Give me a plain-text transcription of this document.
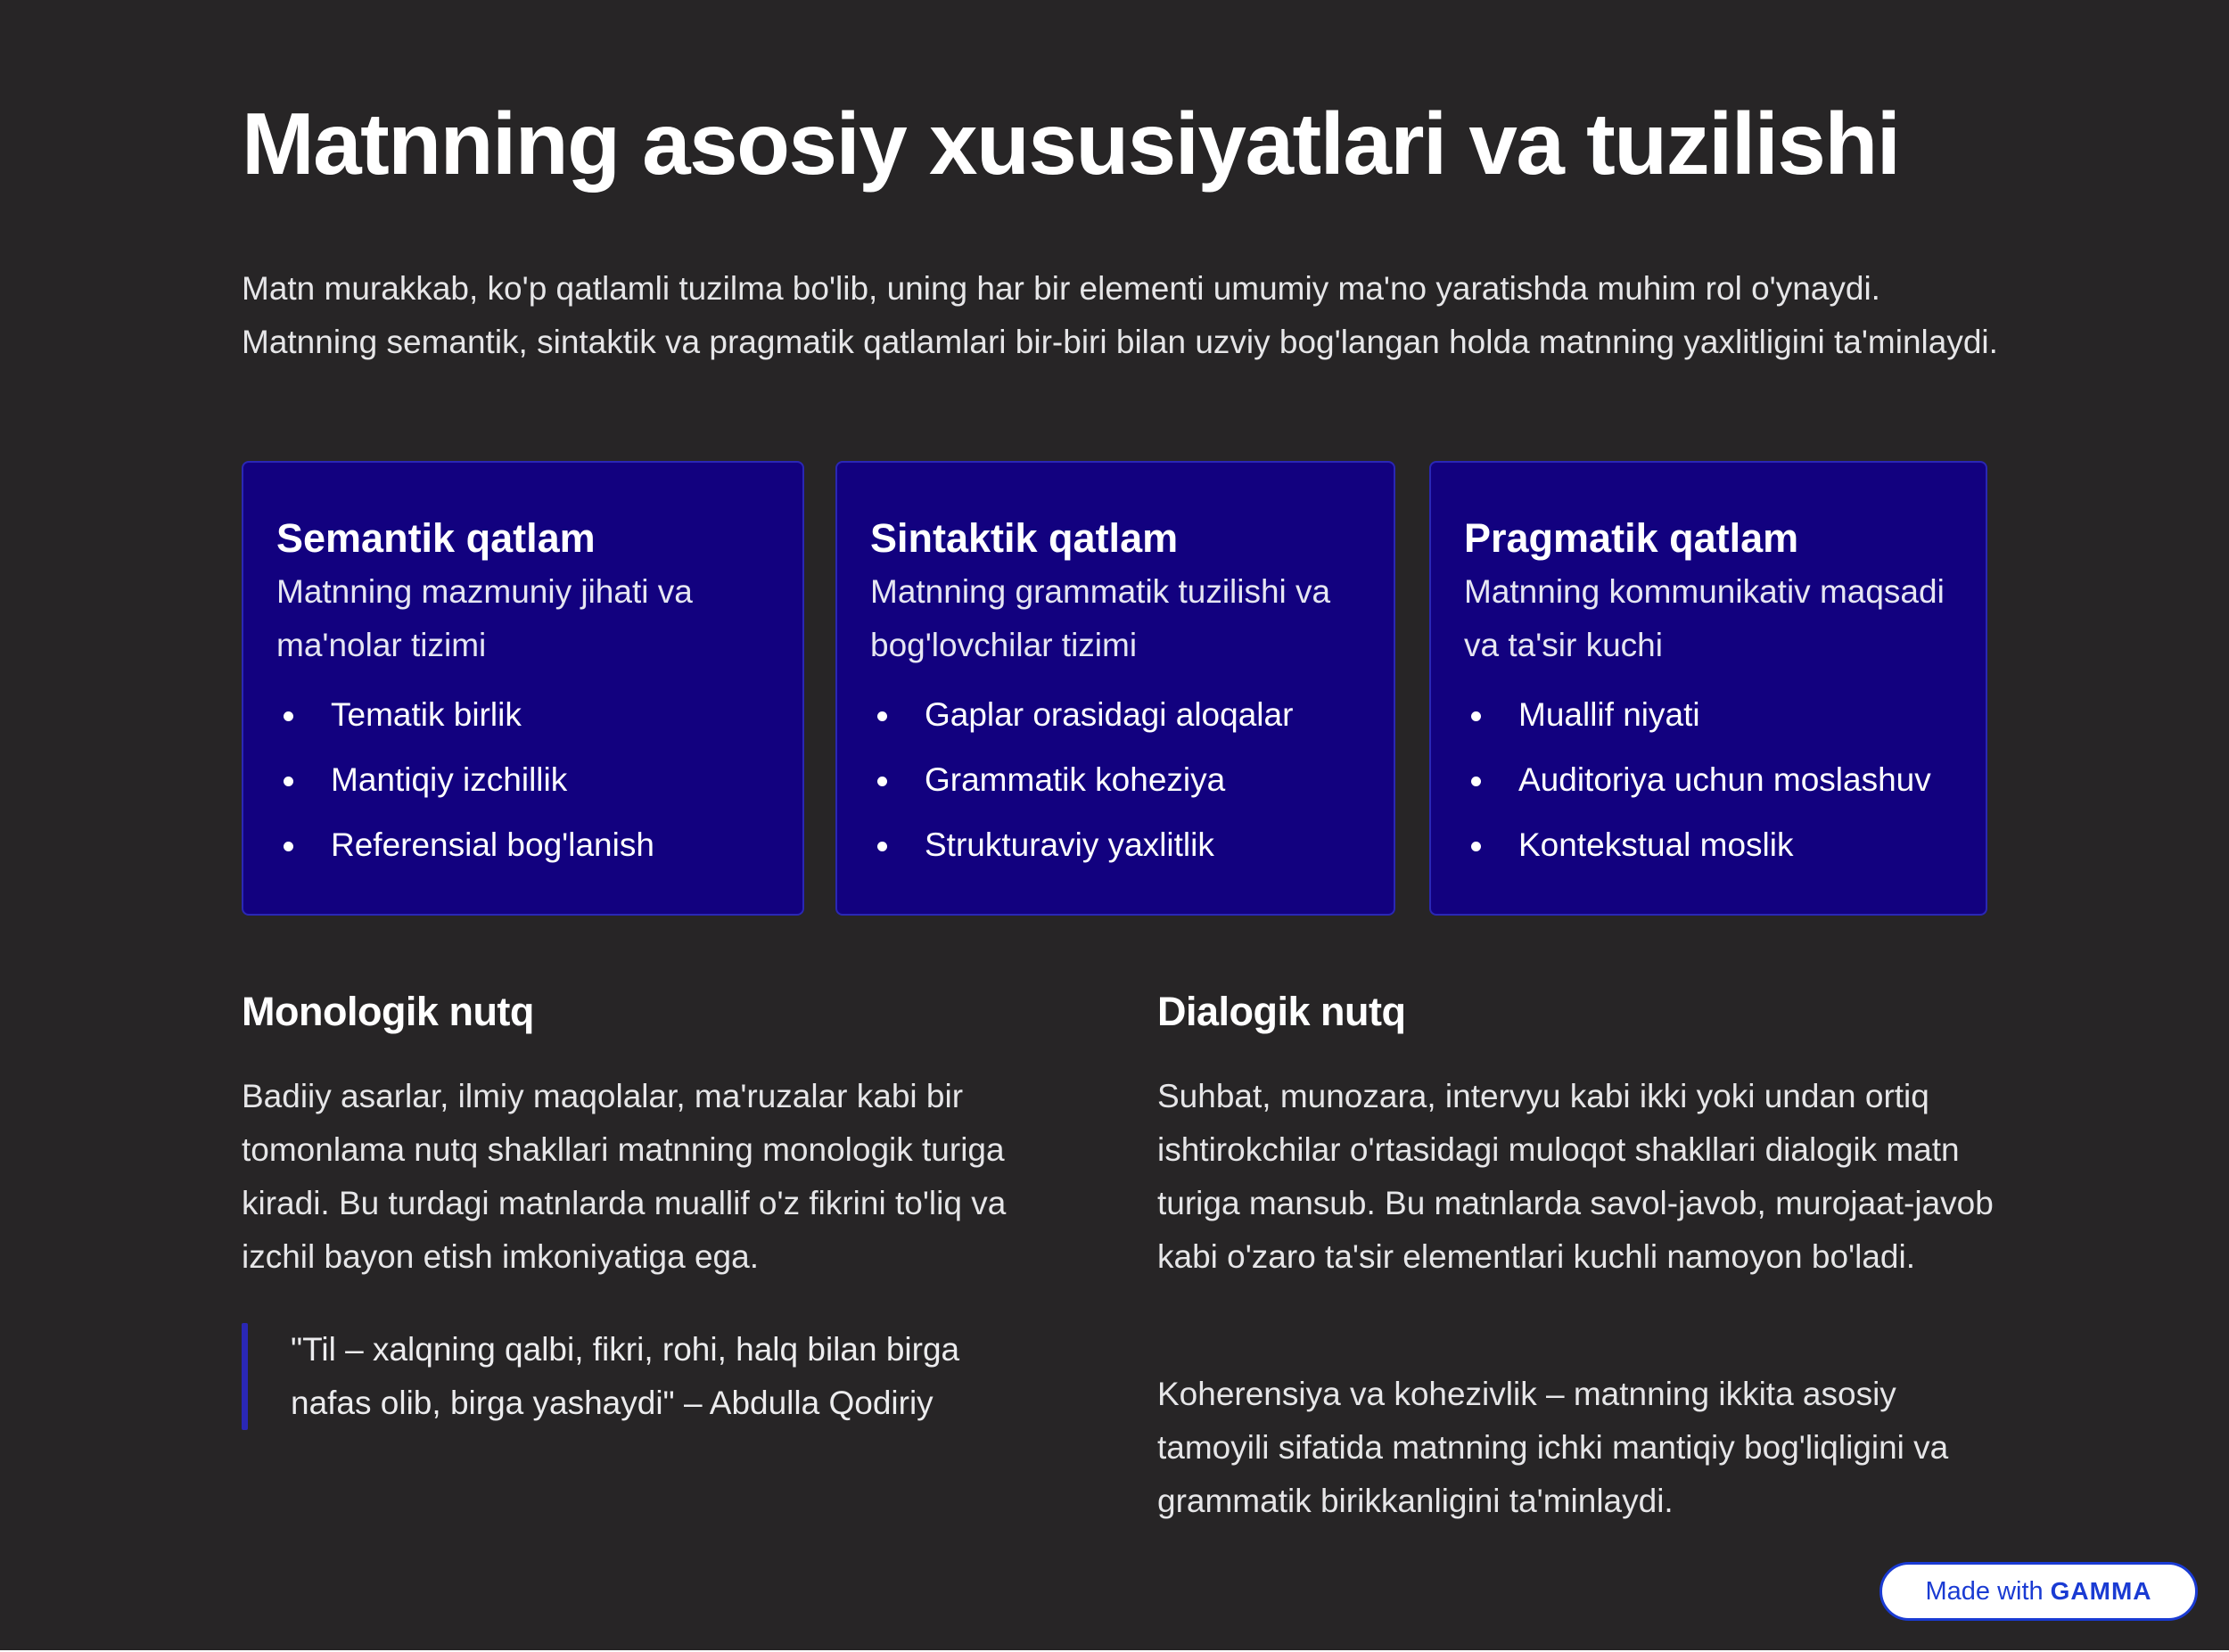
Matnning asosiy xususiyatlari va tuzilishi

Matn murakkab, ko'p qatlamli tuzilma bo'lib, uning har bir elementi umumiy ma'no yaratishda muhim rol o'ynaydi. Matnning semantik, sintaktik va pragmatik qatlamlari bir-biri bilan uzviy bog'langan holda matnning yaxlitligini ta'minlaydi.

Semantik qatlam

Matnning mazmuniy jihati va ma'nolar tizimi

Tematik birlik
Mantiqiy izchillik
Referensial bog'lanish
Sintaktik qatlam

Matnning grammatik tuzilishi va bog'lovchilar tizimi

Gaplar orasidagi aloqalar
Grammatik koheziya
Strukturaviy yaxlitlik
Pragmatik qatlam

Matnning kommunikativ maqsadi va ta'sir kuchi

Muallif niyati
Auditoriya uchun moslashuv
Kontekstual moslik
Monologik nutq

Badiiy asarlar, ilmiy maqolalar, ma'ruzalar kabi bir tomonlama nutq shakllari matnning monologik turiga kiradi. Bu turdagi matnlarda muallif o'z fikrini to'liq va izchil bayon etish imkoniyatiga ega.

"Til – xalqning qalbi, fikri, rohi, halq bilan birga nafas olib, birga yashaydi" – Abdulla Qodiriy

Dialogik nutq

Suhbat, munozara, intervyu kabi ikki yoki undan ortiq ishtirokchilar o'rtasidagi muloqot shakllari dialogik matn turiga mansub. Bu matnlarda savol-javob, murojaat-javob kabi o'zaro ta'sir elementlari kuchli namoyon bo'ladi.

Koherensiya va kohezivlik – matnning ikkita asosiy tamoyili sifatida matnning ichki mantiqiy bog'liqligini va grammatik birikkanligini ta'minlaydi.

Made with GAMMA
